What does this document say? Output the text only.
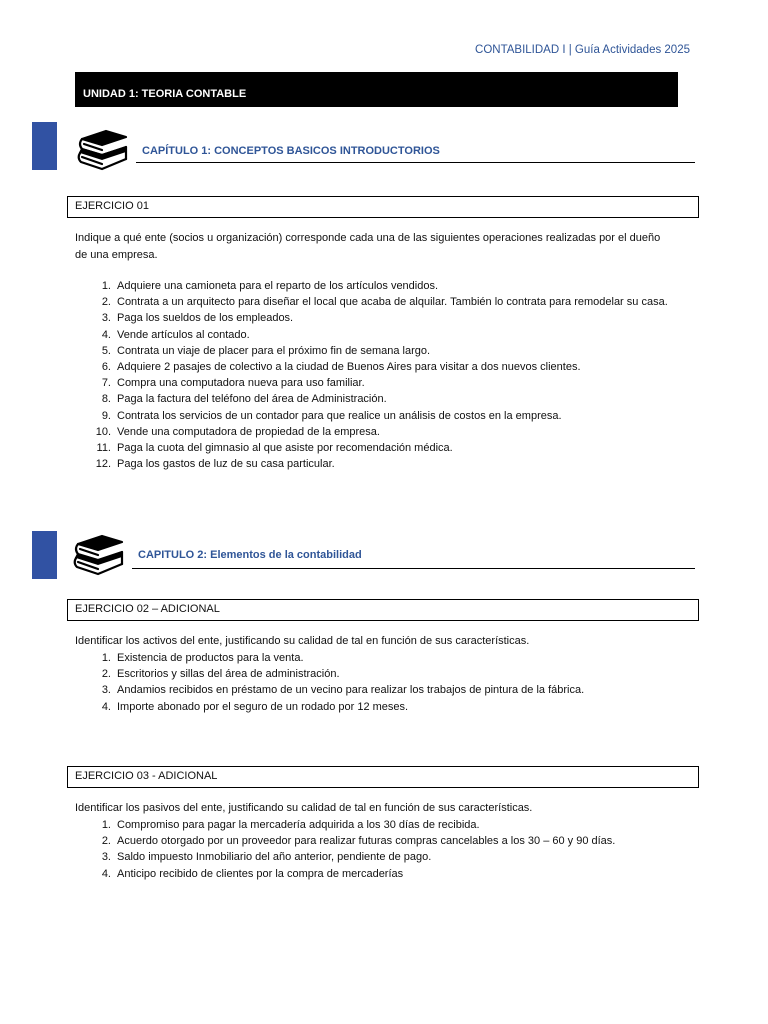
CONTABILIDAD I | Guía Actividades 2025
UNIDAD 1: TEORIA CONTABLE
CAPÍTULO 1: CONCEPTOS BASICOS INTRODUCTORIOS
EJERCICIO 01
Indique a qué ente (socios u organización) corresponde cada una de las siguientes operaciones realizadas por el dueño de una empresa.
1. Adquiere una camioneta para el reparto de los artículos vendidos.
2. Contrata a un arquitecto para diseñar el local que acaba de alquilar. También lo contrata para remodelar su casa.
3. Paga los sueldos de los empleados.
4. Vende artículos al contado.
5. Contrata un viaje de placer para el próximo fin de semana largo.
6. Adquiere 2 pasajes de colectivo a la ciudad de Buenos Aires para visitar a dos nuevos clientes.
7. Compra una computadora nueva para uso familiar.
8. Paga la factura del teléfono del área de Administración.
9. Contrata los servicios de un contador para que realice un análisis de costos en la empresa.
10. Vende una computadora de propiedad de la empresa.
11. Paga la cuota del gimnasio al que asiste por recomendación médica.
12. Paga los gastos de luz de su casa particular.
CAPITULO 2: Elementos de la contabilidad
EJERCICIO 02 – ADICIONAL
Identificar los activos del ente, justificando su calidad de tal en función de sus características.
1. Existencia de productos para la venta.
2. Escritorios y sillas del área de administración.
3. Andamios recibidos en préstamo de un vecino para realizar los trabajos de pintura de la fábrica.
4. Importe abonado por el seguro de un rodado por 12 meses.
EJERCICIO 03 - ADICIONAL
Identificar los pasivos del ente, justificando su calidad de tal en función de sus características.
1. Compromiso para pagar la mercadería adquirida a los 30 días de recibida.
2. Acuerdo otorgado por un proveedor para realizar futuras compras cancelables a los 30 – 60 y 90 días.
3. Saldo impuesto Inmobiliario del año anterior, pendiente de pago.
4. Anticipo recibido de clientes por la compra de mercaderías
